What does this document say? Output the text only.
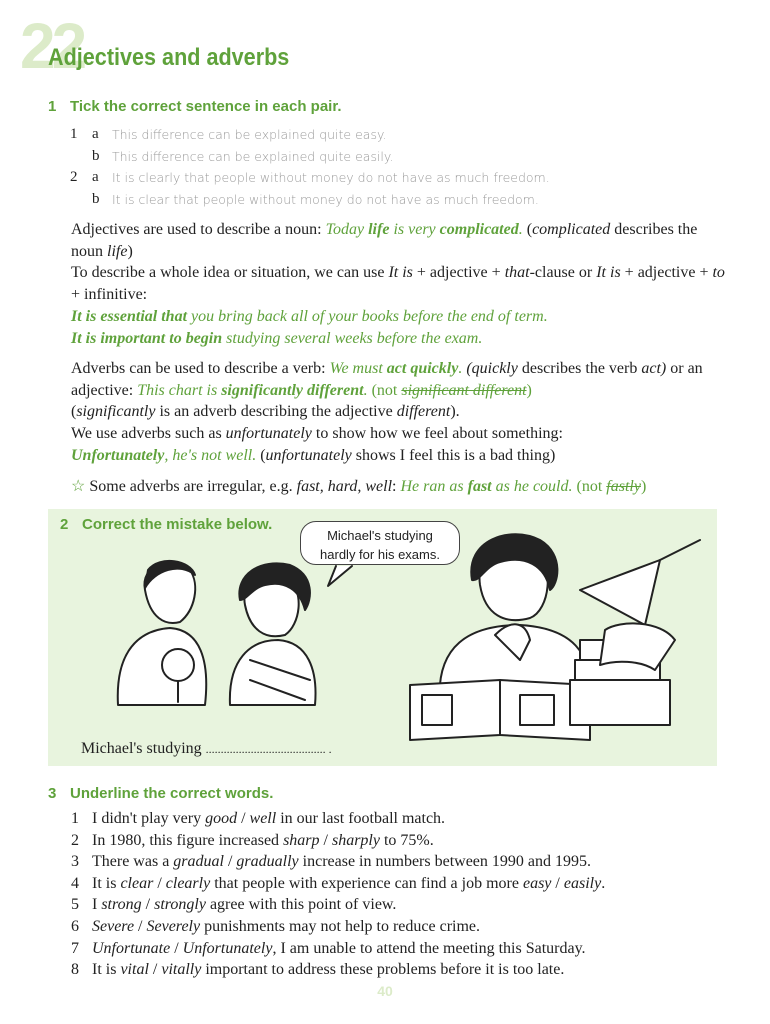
22
Adjectives and adverbs
1 Tick the correct sentence in each pair.
1 a	This difference can be explained quite easy.
b	This difference can be explained quite easily.
2 a	It is clearly that people without money do not have as much freedom.
b	It is clear that people without money do not have as much freedom.
Adjectives are used to describe a noun: Today life is very complicated. (complicated describes the noun life)
To describe a whole idea or situation, we can use It is + adjective + that-clause or It is + adjective + to + infinitive:
It is essential that you bring back all of your books before the end of term.
It is important to begin studying several weeks before the exam.
Adverbs can be used to describe a verb: We must act quickly. (quickly describes the verb act) or an adjective: This chart is significantly different. (not significant different)
(significantly is an adverb describing the adjective different).
We use adverbs such as unfortunately to show how we feel about something:
Unfortunately, he's not well. (unfortunately shows I feel this is a bad thing)
☆ Some adverbs are irregular, e.g. fast, hard, well: He ran as fast as he could. (not fastly)
2 Correct the mistake below.
Michael's studying
hardly for his exams.
Michael's studying ........................................ .
3 Underline the correct words.
1 I didn't play very good / well in our last football match.
2 In 1980, this figure increased sharp / sharply to 75%.
3 There was a gradual / gradually increase in numbers between 1990 and 1995.
4 It is clear / clearly that people with experience can find a job more easy / easily.
5 I strong / strongly agree with this point of view.
6 Severe / Severely punishments may not help to reduce crime.
7 Unfortunate / Unfortunately, I am unable to attend the meeting this Saturday.
8 It is vital / vitally important to address these problems before it is too late.
40
